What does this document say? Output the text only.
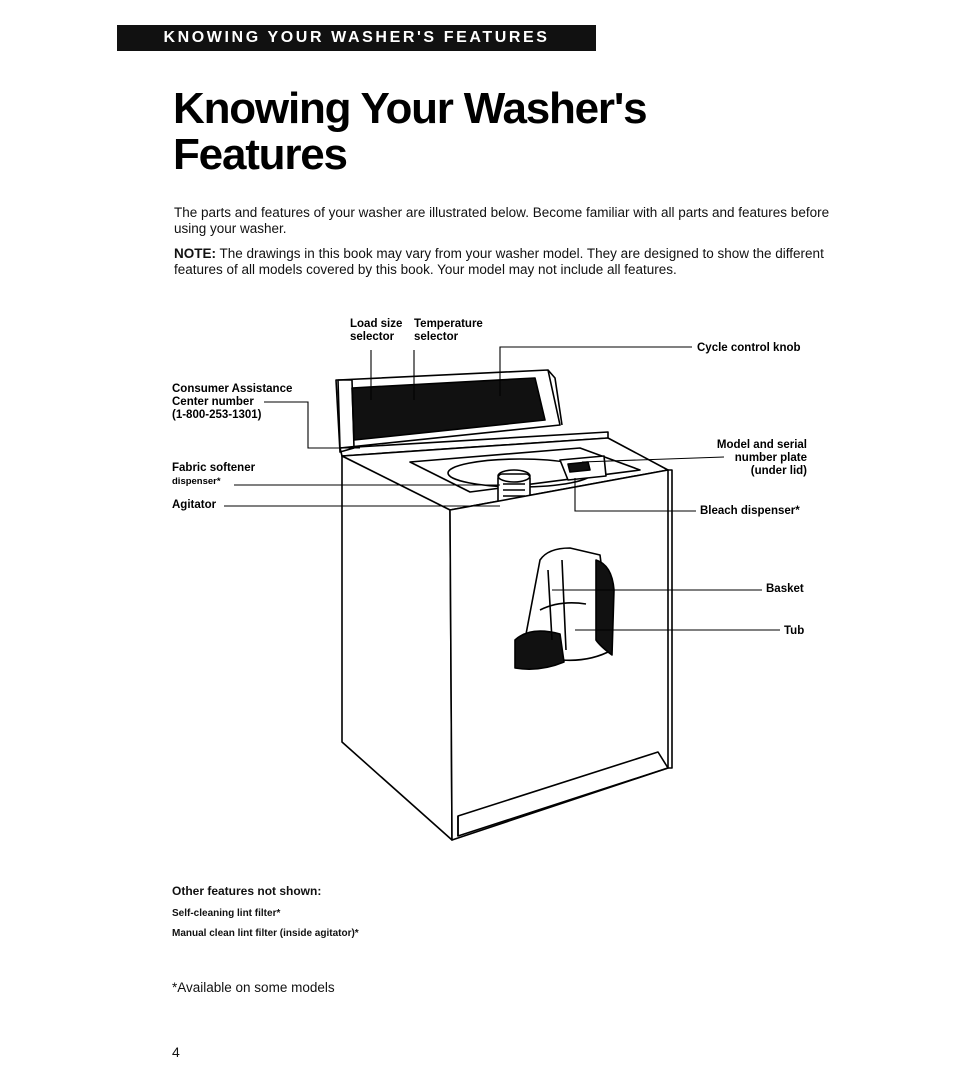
KNOWING YOUR WASHER'S FEATURES
Knowing Your Washer's
Features

The parts and features of your washer are illustrated below. Become familiar with all parts and features before using your washer.

NOTE: The drawings in this book may vary from your washer model. They are designed to show the different features of all models covered by this book. Your model may not include all features.

Load size
selector
Temperature
selector
Cycle control knob
Consumer Assistance
Center number
(1-800-253-1301)
Model and serial
number plate
(under lid)
Fabric softener
dispenser*
Agitator	Bleach dispenser*
Basket
Tub
Other features not shown:
Self-cleaning lint filter*
Manual clean lint filter (inside agitator)*
*Available on some models
4
